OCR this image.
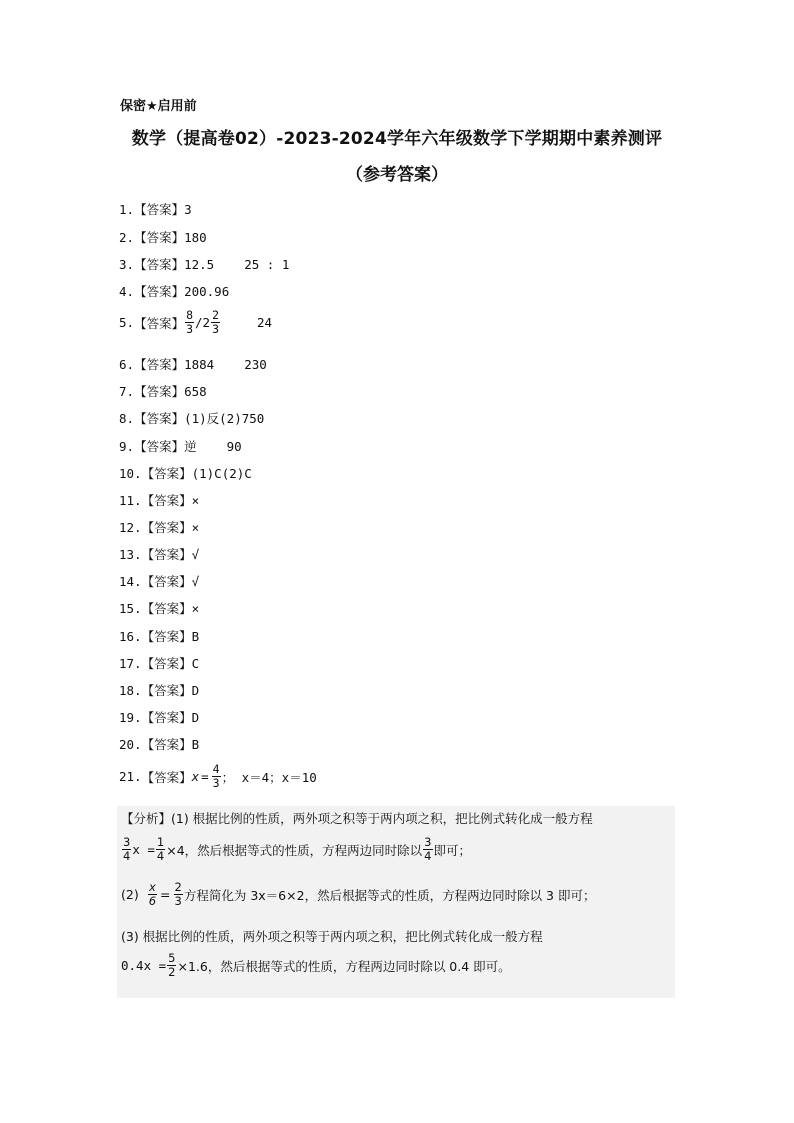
保密★启用前
数学（提高卷02）-2023-2024学年六年级数学下学期期中素养测评
（参考答案）
1. 【答案】 3
2. 【答案】 180
3. 【答案】 12.5 25 : 1
4. 【答案】 200.96
5. 【答案】 $\frac{8}{3} /2 \frac{2}{3}$	24
6. 【答案】 1884 230
7. 【答案】 658
8. 【答案】 (1)反(2)750
9. 【答案】 逆 90
10. 【答案】 (1)C(2)C
11. 【答案】 ×
12. 【答案】 ×
13. 【答案】 √
14. 【答案】 √
15. 【答案】 ×
16. 【答案】 B
17. 【答案】 C
18. 【答案】 D
19. 【答案】 D
20. 【答案】 B
21. 【答案】 $x = \frac{4}{3}$ ； x＝4；x＝10
【分析】(1) 根据比例的性质，两外项之积等于两内项之积，把比例式转化成一般方程
$\frac{3}{4}$ $x = \frac{1}{4} \times 4$，然后根据等式的性质，方程两边同时除以 $\frac{3}{4}$ 即可；
$(2) \frac{x}{6} = \frac{2}{3}$ 方程简化为 3x＝6×2，然后根据等式的性质，方程两边同时除以 3 即可；
(3) 根据比例的性质，两外项之积等于两内项之积，把比例式转化成一般方程
$0.4x = \frac{5}{2} \times 1.6$，然后根据等式的性质，方程两边同时除以 0.4 即可。
